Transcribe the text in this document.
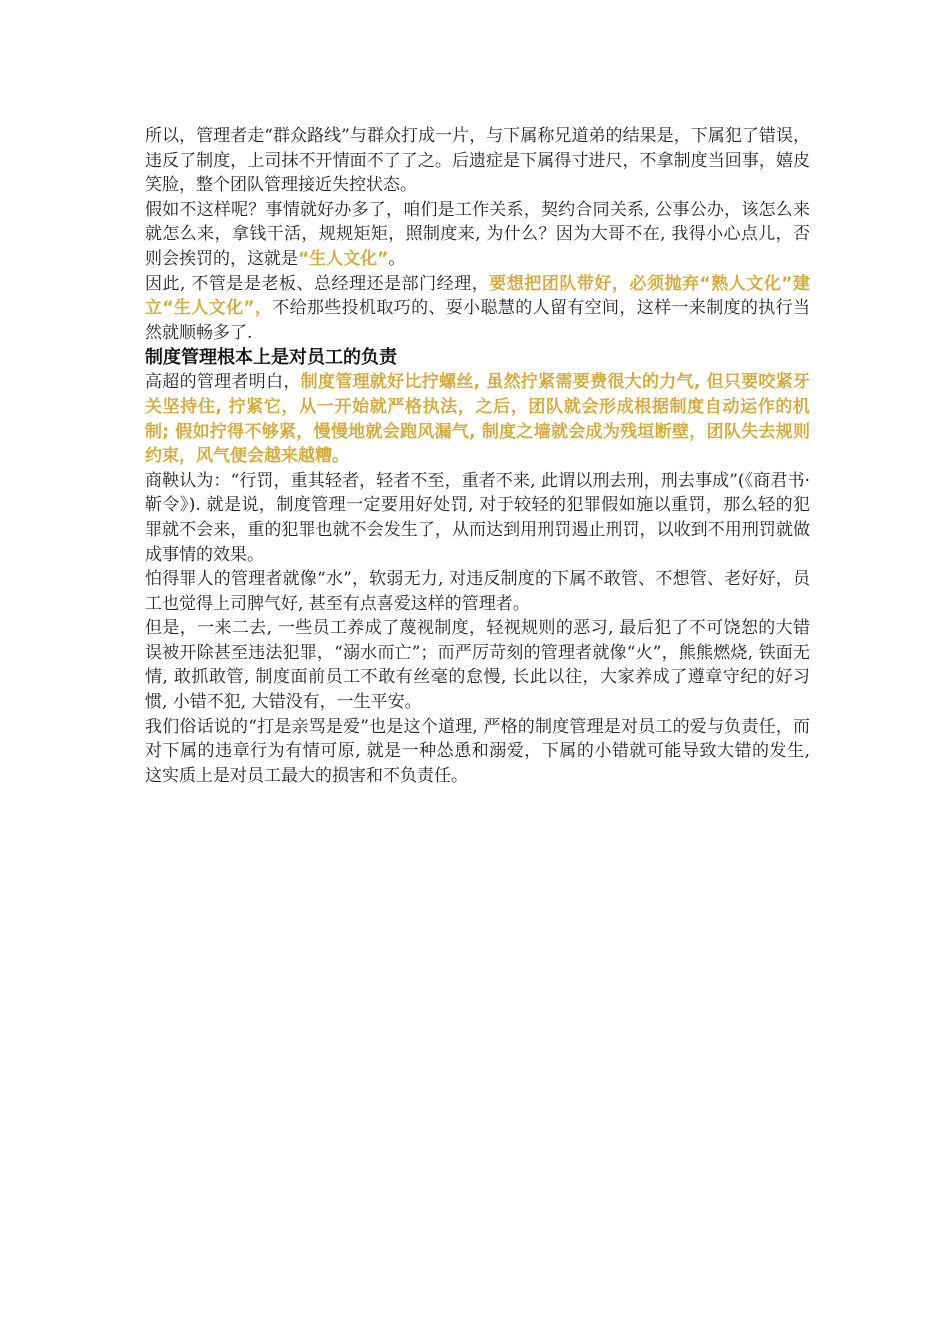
所以，管理者走“群众路线”与群众打成一片，与下属称兄道弟的结果是，下属犯了错误，违反了制度，上司抹不开情面不了了之。后遗症是下属得寸进尺，不拿制度当回事，嬉皮笑脸，整个团队管理接近失控状态。

假如不这样呢？事情就好办多了，咱们是工作关系，契约合同关系, 公事公办，该怎么来就怎么来，拿钱干活，规规矩矩，照制度来, 为什么？因为大哥不在, 我得小心点儿，否则会挨罚的，这就是“生人文化”。

因此, 不管是是老板、总经理还是部门经理，要想把团队带好，必须抛弃“熟人文化”建立“生人文化”，不给那些投机取巧的、耍小聪慧的人留有空间，这样一来制度的执行当然就顺畅多了.

制度管理根本上是对员工的负责

高超的管理者明白，制度管理就好比拧螺丝, 虽然拧紧需要费很大的力气, 但只要咬紧牙关坚持住, 拧紧它，从一开始就严格执法，之后，团队就会形成根据制度自动运作的机制; 假如拧得不够紧，慢慢地就会跑风漏气, 制度之墙就会成为残垣断壁，团队失去规则约束，风气便会越来越糟。

商鞅认为：“行罚，重其轻者，轻者不至，重者不来, 此谓以刑去刑，刑去事成”(《商君书·靳令》). 就是说，制度管理一定要用好处罚, 对于较轻的犯罪假如施以重罚，那么轻的犯罪就不会来，重的犯罪也就不会发生了，从而达到用刑罚遏止刑罚，以收到不用刑罚就做成事情的效果。

怕得罪人的管理者就像“水”，软弱无力, 对违反制度的下属不敢管、不想管、老好好，员工也觉得上司脾气好, 甚至有点喜爱这样的管理者。

但是，一来二去, 一些员工养成了蔑视制度，轻视规则的恶习, 最后犯了不可饶恕的大错误被开除甚至违法犯罪，“溺水而亡”；而严厉苛刻的管理者就像“火”，熊熊燃烧, 铁面无情, 敢抓敢管, 制度面前员工不敢有丝毫的怠慢, 长此以往，大家养成了遵章守纪的好习惯, 小错不犯, 大错没有，一生平安。

我们俗话说的“打是亲骂是爱”也是这个道理, 严格的制度管理是对员工的爱与负责任，而对下属的违章行为有情可原, 就是一种怂恿和溺爱，下属的小错就可能导致大错的发生, 这实质上是对员工最大的损害和不负责任。
